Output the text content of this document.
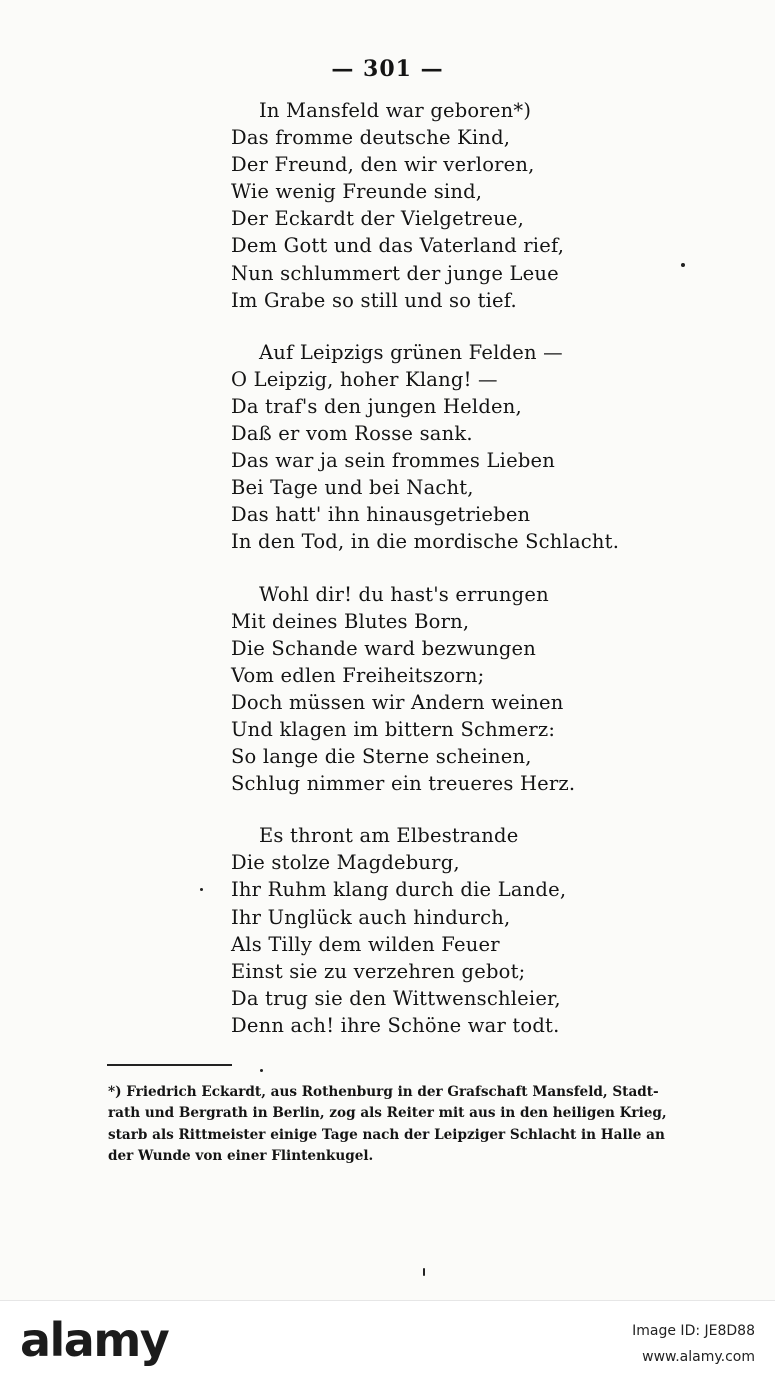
— 301 —
In Mansfeld war geboren*)
Das fromme deutsche Kind,
Der Freund, den wir verloren,
Wie wenig Freunde sind,
Der Eckardt der Vielgetreue,
Dem Gott und das Vaterland rief,
Nun schlummert der junge Leue
Im Grabe so still und so tief.
Auf Leipzigs grünen Felden —
O Leipzig, hoher Klang! —
Da traf's den jungen Helden,
Daß er vom Rosse sank.
Das war ja sein frommes Lieben
Bei Tage und bei Nacht,
Das hatt' ihn hinausgetrieben
In den Tod, in die mordische Schlacht.
Wohl dir! du hast's errungen
Mit deines Blutes Born,
Die Schande ward bezwungen
Vom edlen Freiheitszorn;
Doch müssen wir Andern weinen
Und klagen im bittern Schmerz:
So lange die Sterne scheinen,
Schlug nimmer ein treueres Herz.
Es thront am Elbestrande
Die stolze Magdeburg,
Ihr Ruhm klang durch die Lande,
Ihr Unglück auch hindurch,
Als Tilly dem wilden Feuer
Einst sie zu verzehren gebot;
Da trug sie den Wittwenschleier,
Denn ach! ihre Schöne war todt.
*) Friedrich Eckardt, aus Rothenburg in der Grafschaft Mansfeld, Stadt-
rath und Bergrath in Berlin, zog als Reiter mit aus in den heiligen Krieg,
starb als Rittmeister einige Tage nach der Leipziger Schlacht in Halle an
der Wunde von einer Flintenkugel.
alamy	Image ID: JE8D88
www.alamy.com
